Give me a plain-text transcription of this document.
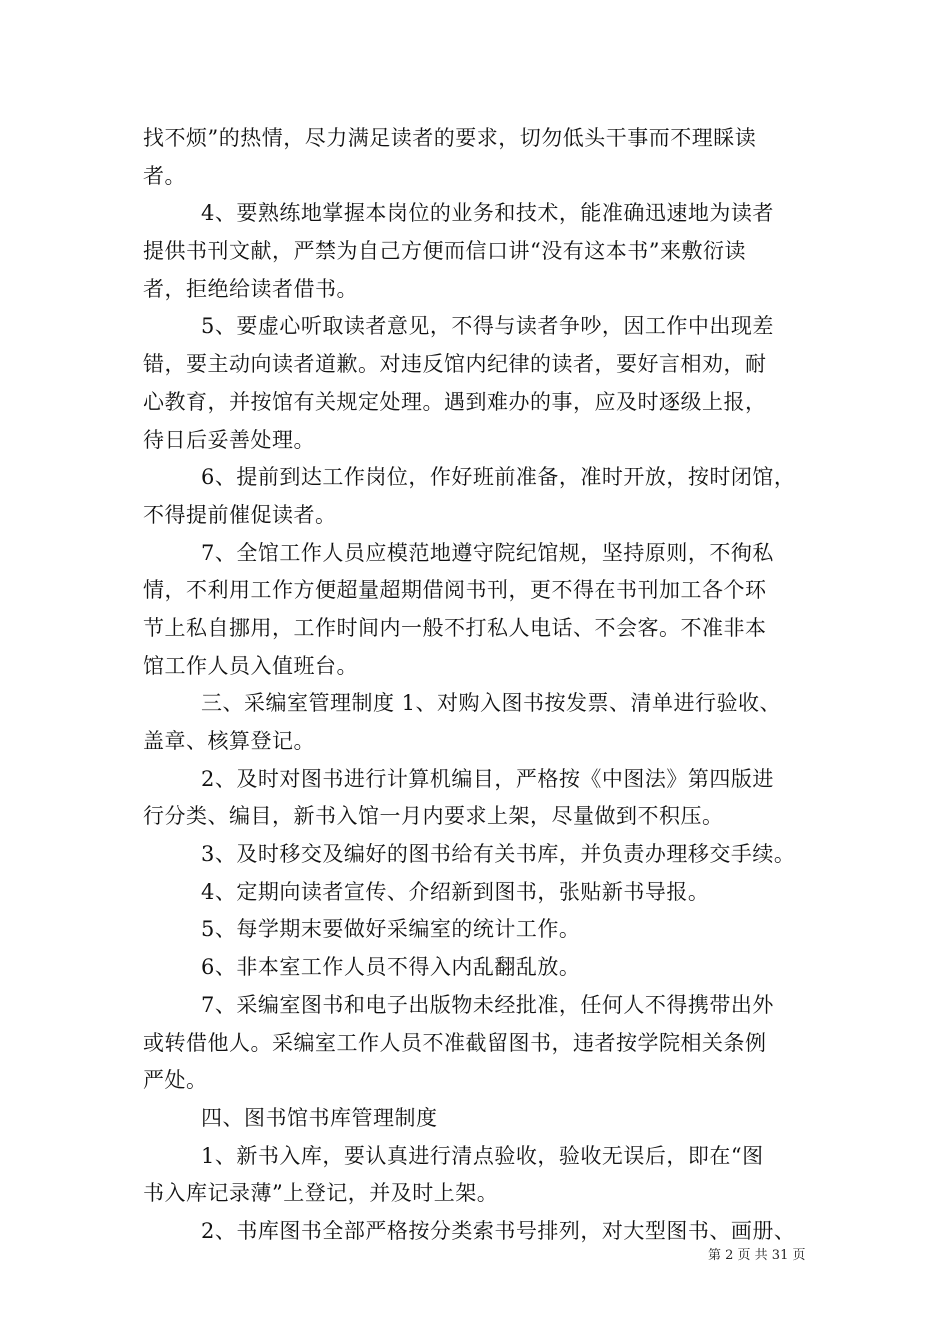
找不烦”的热情，尽力满足读者的要求，切勿低头干事而不理睬读
者。
4、要熟练地掌握本岗位的业务和技术，能准确迅速地为读者
提供书刊文献，严禁为自己方便而信口讲“没有这本书”来敷衍读
者，拒绝给读者借书。
5、要虚心听取读者意见，不得与读者争吵，因工作中出现差
错，要主动向读者道歉。对违反馆内纪律的读者，要好言相劝，耐
心教育，并按馆有关规定处理。遇到难办的事，应及时逐级上报，
待日后妥善处理。
6、提前到达工作岗位，作好班前准备，准时开放，按时闭馆，
不得提前催促读者。
7、全馆工作人员应模范地遵守院纪馆规，坚持原则，不徇私
情，不利用工作方便超量超期借阅书刊，更不得在书刊加工各个环
节上私自挪用，工作时间内一般不打私人电话、不会客。不准非本
馆工作人员入值班台。
三、采编室管理制度 1、对购入图书按发票、清单进行验收、
盖章、核算登记。
2、及时对图书进行计算机编目，严格按《中图法》第四版进
行分类、编目，新书入馆一月内要求上架，尽量做到不积压。
3、及时移交及编好的图书给有关书库，并负责办理移交手续。
4、定期向读者宣传、介绍新到图书，张贴新书导报。
5、每学期末要做好采编室的统计工作。
6、非本室工作人员不得入内乱翻乱放。
7、采编室图书和电子出版物未经批准，任何人不得携带出外
或转借他人。采编室工作人员不准截留图书，违者按学院相关条例
严处。
四、图书馆书库管理制度
1、新书入库，要认真进行清点验收，验收无误后，即在“图
书入库记录薄”上登记，并及时上架。
2、书库图书全部严格按分类索书号排列，对大型图书、画册、
第 2 页 共 31 页
